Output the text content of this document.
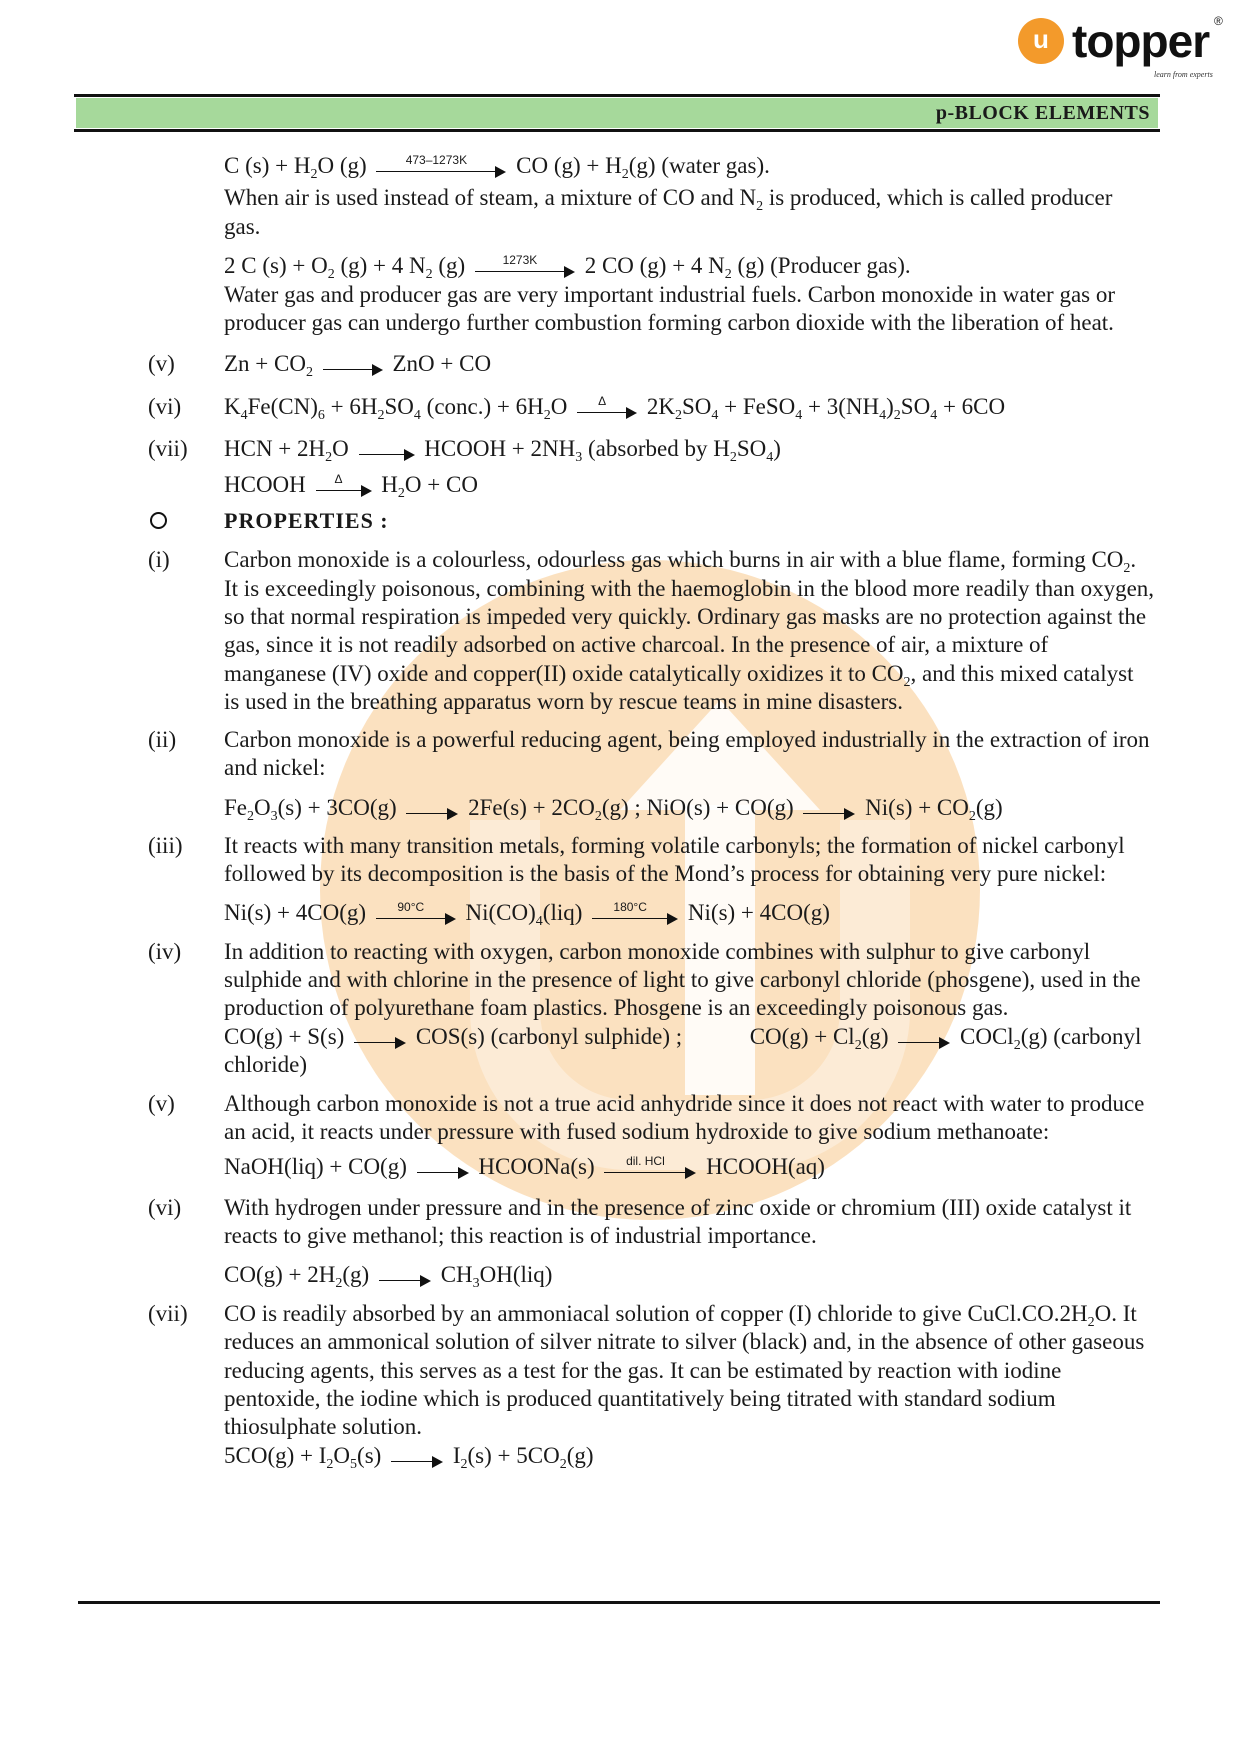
u topper ®
learn from experts
p-BLOCK ELEMENTS
C $(s) + H_2O$ (g)	473–1273K	CO $(g) + H_2(g)$ (water gas).
When air is used instead of steam, a mixture of CO and $N_2$ is produced, which is called producer
gas.
2 C $(s) + O_2$ (g) + 4 $N_2$ (g)	1273K	2 CO (g) + 4 $N_2$ (g) (Producer gas).
Water gas and producer gas are very important industrial fuels. Carbon monoxide in water gas or
producer gas can undergo further combustion forming carbon dioxide with the liberation of heat.
(v) $Zn + CO_2$	ZnO + CO
(vi) $K_4Fe(CN)_6 + 6H_2SO_4$ (conc.) + $6H_2O$	Δ	$2K_2SO_4$ + FeSO$_4$ + $3(NH_4)_2SO_4 + 6CO$
(vii) HCN + $2H_2O$	HCOOH + $2NH_3$ (absorbed by $H_2SO_4$)
HCOOH	Δ	$H_2O$ + CO
PROPERTIES :
(i) Carbon monoxide is a colourless, odourless gas which burns in air with a blue flame, forming $CO_2$.
It is exceedingly poisonous, combining with the haemoglobin in the blood more readily than oxygen,
so that normal respiration is impeded very quickly. Ordinary gas masks are no protection against the
gas, since it is not readily adsorbed on active charcoal. In the presence of air, a mixture of
manganese (IV) oxide and copper(II) oxide catalytically oxidizes it to $CO_2$, and this mixed catalyst
is used in the breathing apparatus worn by rescue teams in mine disasters.
(ii) Carbon monoxide is a powerful reducing agent, being employed industrially in the extraction of iron
and nickel:
$Fe_2O_3(s) + 3CO(g)$	$2Fe(s) + 2CO_2(g)$ ; NiO(s) + CO(g)	$Ni(s) + CO_2(g)$
(iii) It reacts with many transition metals, forming volatile carbonyls; the formation of nickel carbonyl
followed by its decomposition is the basis of the Mond’s process for obtaining very pure nickel:
Ni(s) + 4CO(g)	90°C	$Ni(CO)_4(liq)$	180°C	Ni(s) + 4CO(g)
(iv) In addition to reacting with oxygen, carbon monoxide combines with sulphur to give carbonyl
sulphide and with chlorine in the presence of light to give carbonyl chloride (phosgene), used in the
production of polyurethane foam plastics. Phosgene is an exceedingly poisonous gas.
CO(g) + S(s)	COS(s) (carbonyl sulphide) ;	$CO(g) + Cl_2(g)$	COCl$_2$(g) (carbonyl
chloride)
(v) Although carbon monoxide is not a true acid anhydride since it does not react with water to produce
an acid, it reacts under pressure with fused sodium hydroxide to give sodium methanoate:
NaOH(liq) + CO(g)	HCOONa(s)	dil. HCl	HCOOH(aq)
(vi) With hydrogen under pressure and in the presence of zinc oxide or chromium (III) oxide catalyst it
reacts to give methanol; this reaction is of industrial importance.
$CO(g) + 2H_2(g)$	$CH_3OH(liq)$
(vii) CO is readily absorbed by an ammoniacal solution of copper (I) chloride to give $CuCl.CO.2H_2O$. It
reduces an ammonical solution of silver nitrate to silver (black) and, in the absence of other gaseous
reducing agents, this serves as a test for the gas. It can be estimated by reaction with iodine
pentoxide, the iodine which is produced quantitatively being titrated with standard sodium
thiosulphate solution.
$5CO(g) + I_2O_5(s)$	$I_2(s) + 5CO_2(g)$
